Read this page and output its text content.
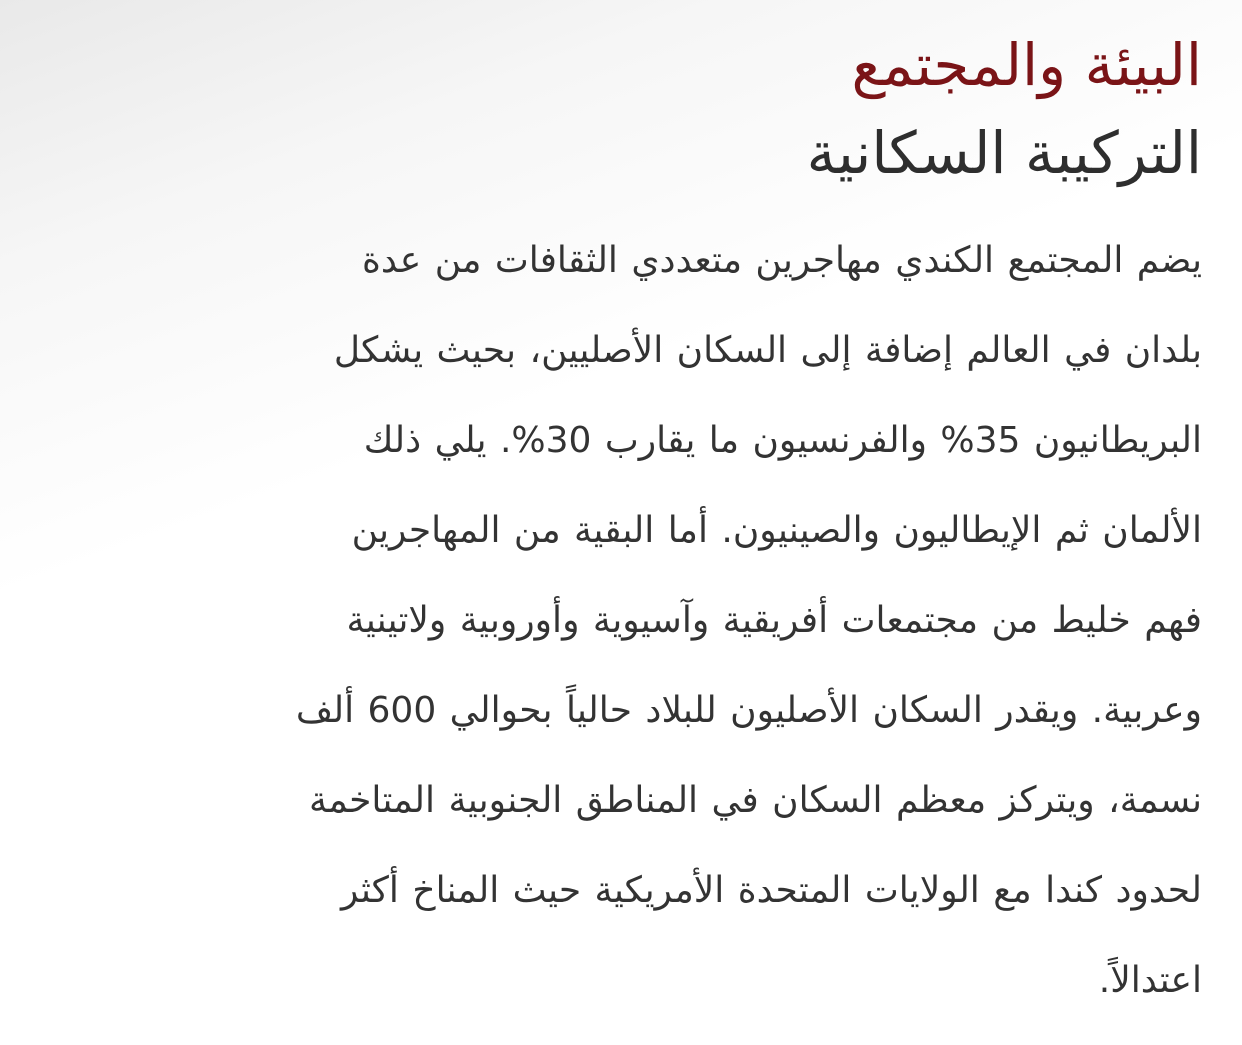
البيئة والمجتمع
التركيبة السكانية
يضم المجتمع الكندي مهاجرين متعددي الثقافات من عدة
بلدان في العالم إضافة إلى السكان الأصليين، بحيث يشكل
البريطانيون 35% والفرنسيون ما يقارب 30%. يلي ذلك
الألمان ثم الإيطاليون والصينيون. أما البقية من المهاجرين
فهم خليط من مجتمعات أفريقية وآسيوية وأوروبية ولاتينية
وعربية. ويقدر السكان الأصليون للبلاد حالياً بحوالي 600 ألف
نسمة، ويتركز معظم السكان في المناطق الجنوبية المتاخمة
لحدود كندا مع الولايات المتحدة الأمريكية حيث المناخ أكثر
اعتدالاً.
